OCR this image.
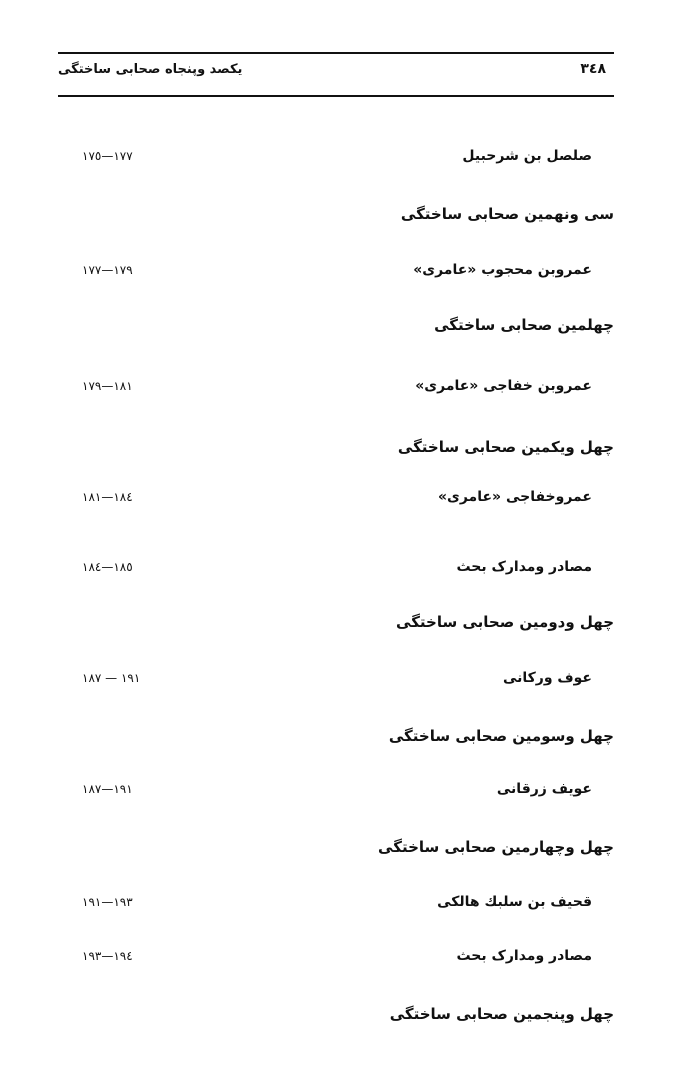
یکصد وپنجاه صحابی ساختگی	۳٤۸
صلصل بن شرحبیل
۱۷۷—۱۷٥
سی ونهمین صحابی ساختگی
عمروبن محجوب «عامری»
۱۷۹—۱۷۷
چهلمین صحابی ساختگی
عمروبن خفاجی «عامری»
۱۸۱—۱۷۹
چهل ویکمین صحابی ساختگی
عمروخفاجی «عامری»
۱۸٤—۱۸۱
مصادر ومدارک بحث
۱۸٥—۱۸٤
چهل ودومین صحابی ساختگی
عوف ورکانی
۱۹۱ — ۱۸۷
چهل وسومین صحابی ساختگی
عویف زرقانی
۱۹۱—۱۸۷
چهل وچهارمین صحابی ساختگی
قحیف بن سلبك هالکی
۱۹۳—۱۹۱
مصادر ومدارک بحث
۱۹٤—۱۹۳
چهل وپنجمین صحابی ساختگی
